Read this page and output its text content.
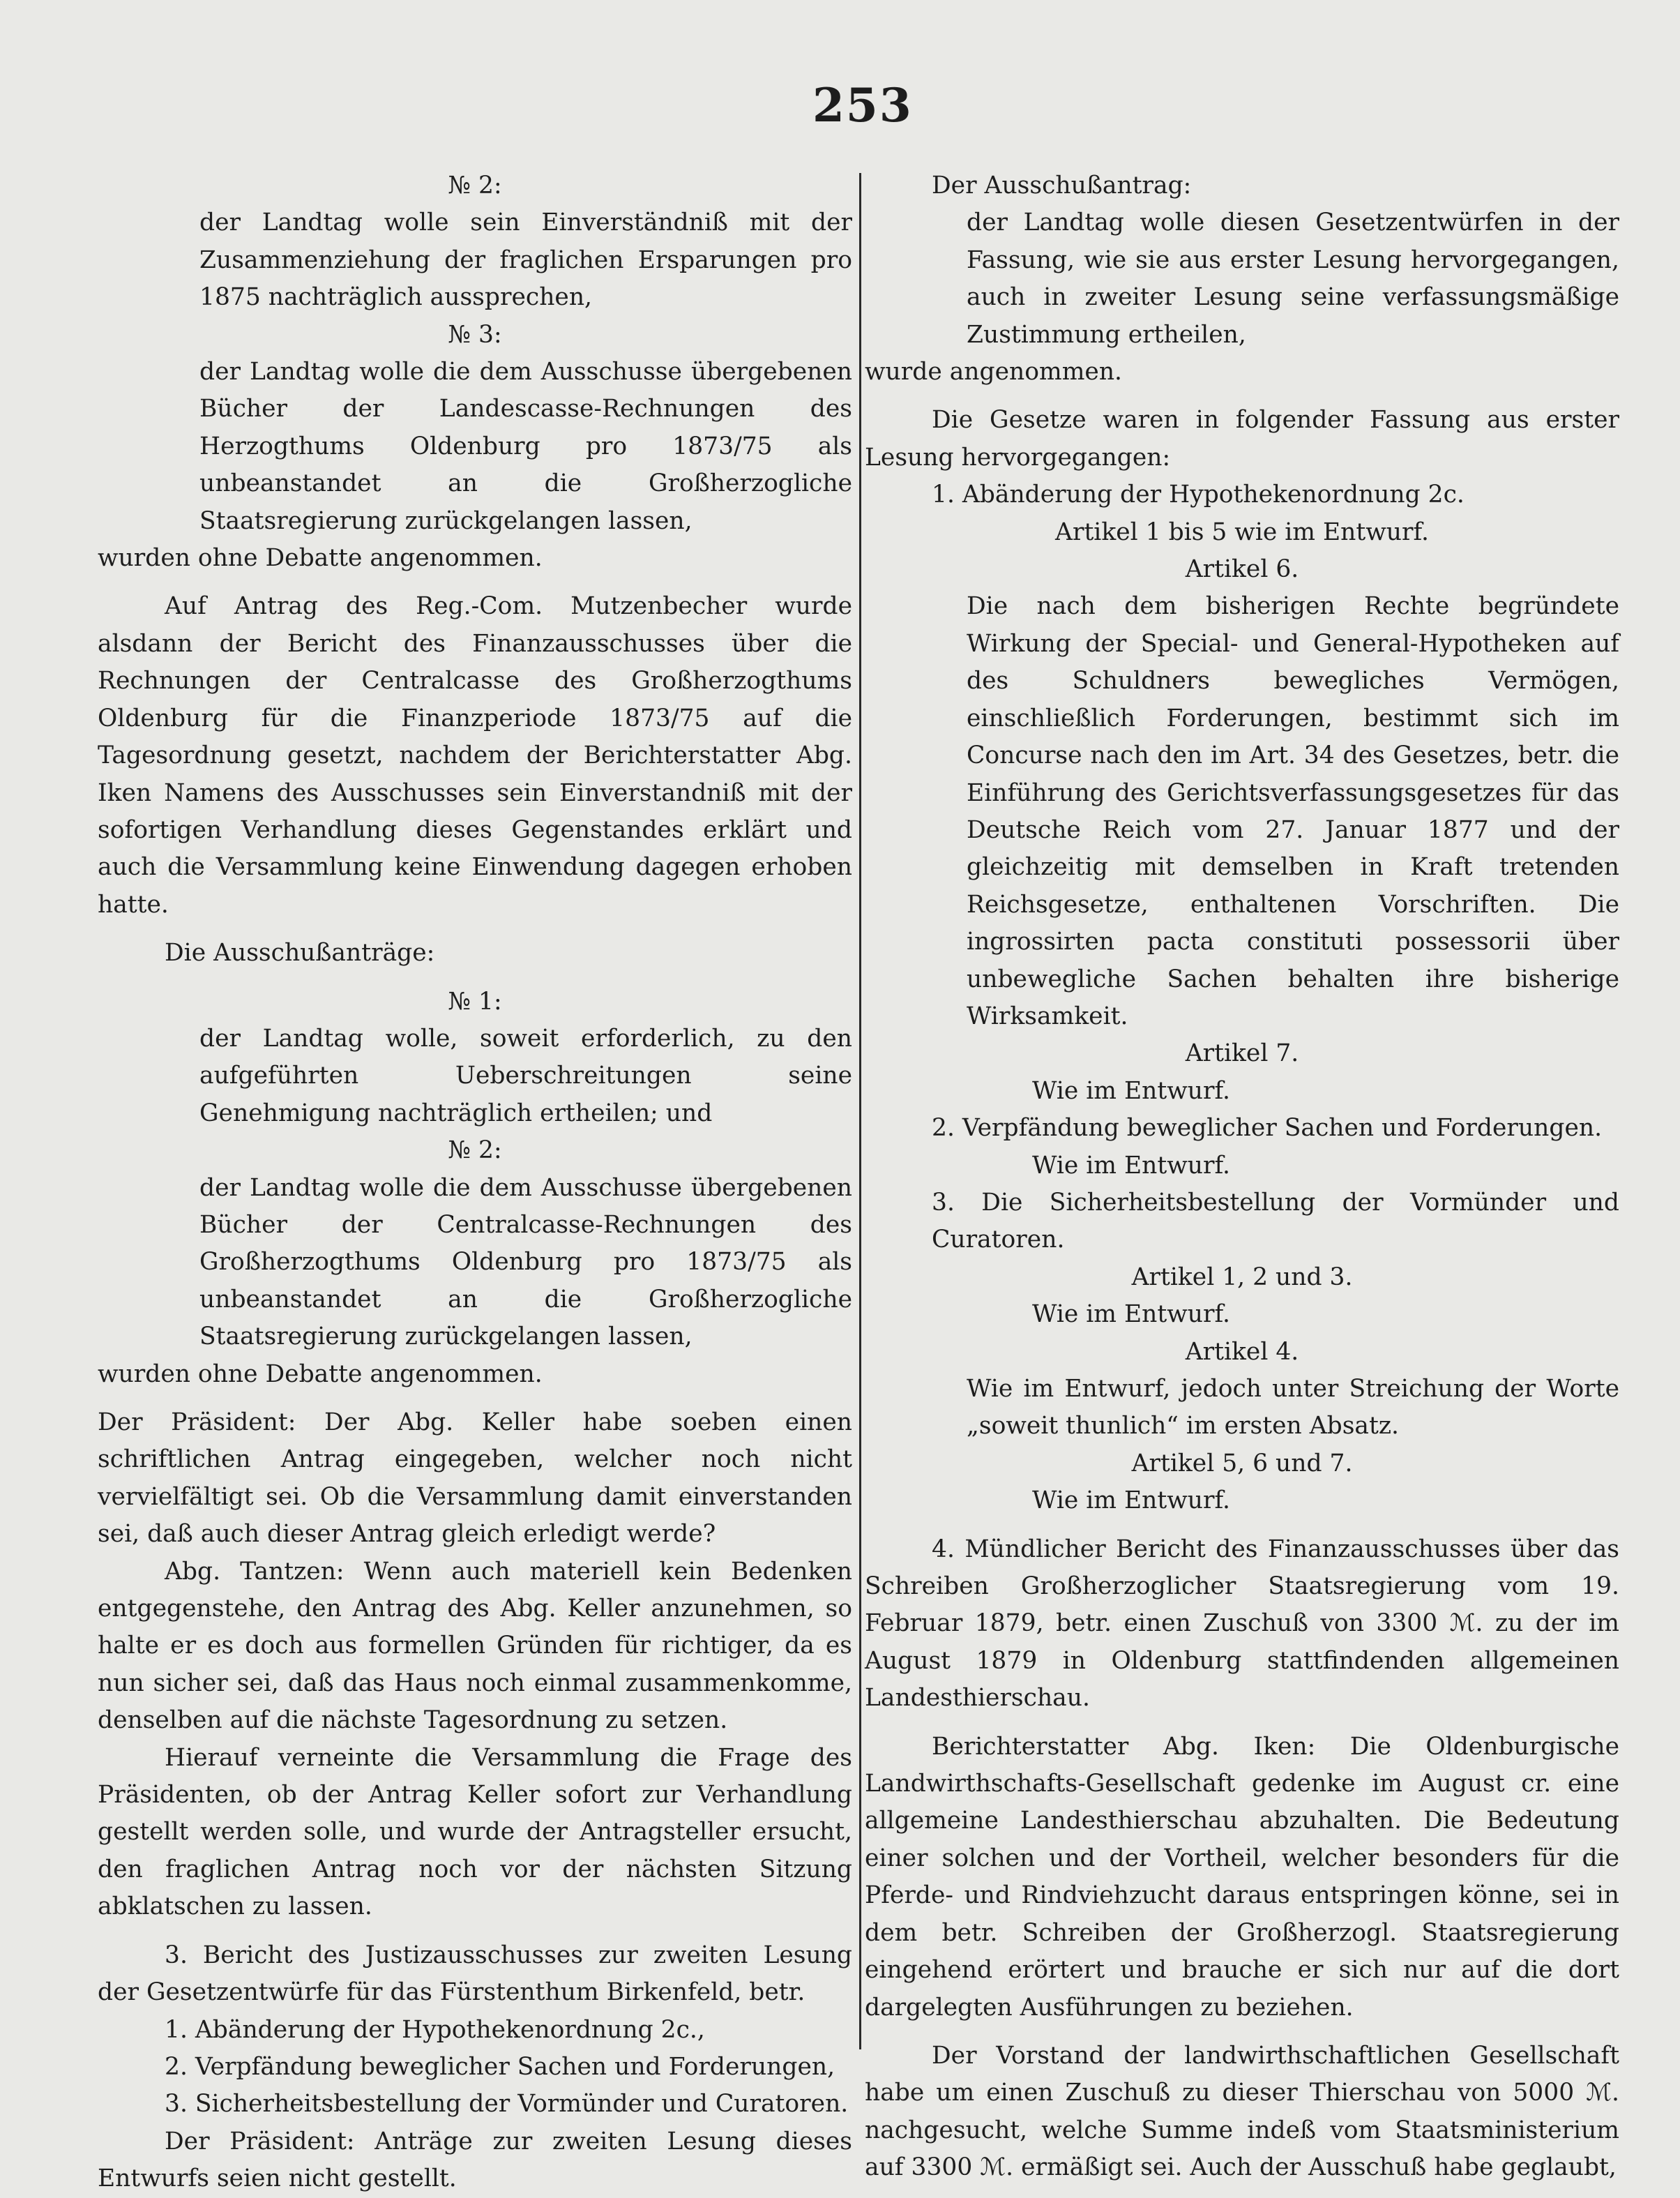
253

№ 2:

der Landtag wolle sein Einverständniß mit der Zusammenziehung der fraglichen Ersparungen pro 1875 nachträglich aussprechen,

№ 3:

der Landtag wolle die dem Ausschusse übergebenen Bücher der Landescasse-Rechnungen des Herzogthums Oldenburg pro 1873/75 als unbeanstandet an die Großherzogliche Staatsregierung zurückgelangen lassen,

wurden ohne Debatte angenommen.

Auf Antrag des Reg.-Com. Mutzenbecher wurde alsdann der Bericht des Finanzausschusses über die Rechnungen der Centralcasse des Großherzogthums Oldenburg für die Finanzperiode 1873/75 auf die Tagesordnung gesetzt, nachdem der Berichterstatter Abg. Iken Namens des Ausschusses sein Einverstandniß mit der sofortigen Verhandlung dieses Gegenstandes erklärt und auch die Versammlung keine Einwendung dagegen erhoben hatte.

Die Ausschußanträge:

№ 1:

der Landtag wolle, soweit erforderlich, zu den aufgeführten Ueberschreitungen seine Genehmigung nachträglich ertheilen; und

№ 2:

der Landtag wolle die dem Ausschusse übergebenen Bücher der Centralcasse-Rechnungen des Großherzogthums Oldenburg pro 1873/75 als unbeanstandet an die Großherzogliche Staatsregierung zurückgelangen lassen,

wurden ohne Debatte angenommen.

Der Präsident: Der Abg. Keller habe soeben einen schriftlichen Antrag eingegeben, welcher noch nicht vervielfältigt sei. Ob die Versammlung damit einverstanden sei, daß auch dieser Antrag gleich erledigt werde?

Abg. Tantzen: Wenn auch materiell kein Bedenken entgegenstehe, den Antrag des Abg. Keller anzunehmen, so halte er es doch aus formellen Gründen für richtiger, da es nun sicher sei, daß das Haus noch einmal zusammenkomme, denselben auf die nächste Tagesordnung zu setzen.

Hierauf verneinte die Versammlung die Frage des Präsidenten, ob der Antrag Keller sofort zur Verhandlung gestellt werden solle, und wurde der Antragsteller ersucht, den fraglichen Antrag noch vor der nächsten Sitzung abklatschen zu lassen.

3. Bericht des Justizausschusses zur zweiten Lesung der Gesetzentwürfe für das Fürstenthum Birkenfeld, betr.

1. Abänderung der Hypothekenordnung 2c.,

2. Verpfändung beweglicher Sachen und Forderungen,

3. Sicherheitsbestellung der Vormünder und Curatoren.

Der Präsident: Anträge zur zweiten Lesung dieses Entwurfs seien nicht gestellt.

Der Ausschußantrag:

der Landtag wolle diesen Gesetzentwürfen in der Fassung, wie sie aus erster Lesung hervorgegangen, auch in zweiter Lesung seine verfassungsmäßige Zustimmung ertheilen,

wurde angenommen.

Die Gesetze waren in folgender Fassung aus erster Lesung hervorgegangen:

1. Abänderung der Hypothekenordnung 2c.

Artikel 1 bis 5 wie im Entwurf.

Artikel 6.

Die nach dem bisherigen Rechte begründete Wirkung der Special- und General-Hypotheken auf des Schuldners bewegliches Vermögen, einschließlich Forderungen, bestimmt sich im Concurse nach den im Art. 34 des Gesetzes, betr. die Einführung des Gerichtsverfassungsgesetzes für das Deutsche Reich vom 27. Januar 1877 und der gleichzeitig mit demselben in Kraft tretenden Reichsgesetze, enthaltenen Vorschriften. Die ingrossirten pacta constituti possessorii über unbewegliche Sachen behalten ihre bisherige Wirksamkeit.

Artikel 7.

Wie im Entwurf.

2. Verpfändung beweglicher Sachen und Forderungen.

Wie im Entwurf.

3. Die Sicherheitsbestellung der Vormünder und Curatoren.

Artikel 1, 2 und 3.

Wie im Entwurf.

Artikel 4.

Wie im Entwurf, jedoch unter Streichung der Worte „soweit thunlich“ im ersten Absatz.

Artikel 5, 6 und 7.

Wie im Entwurf.

4. Mündlicher Bericht des Finanzausschusses über das Schreiben Großherzoglicher Staatsregierung vom 19. Februar 1879, betr. einen Zuschuß von 3300 ℳ. zu der im August 1879 in Oldenburg stattfindenden allgemeinen Landesthierschau.

Berichterstatter Abg. Iken: Die Oldenburgische Landwirthschafts-Gesellschaft gedenke im August cr. eine allgemeine Landesthierschau abzuhalten. Die Bedeutung einer solchen und der Vortheil, welcher besonders für die Pferde- und Rindviehzucht daraus entspringen könne, sei in dem betr. Schreiben der Großherzogl. Staatsregierung eingehend erörtert und brauche er sich nur auf die dort dargelegten Ausführungen zu beziehen.

Der Vorstand der landwirthschaftlichen Gesellschaft habe um einen Zuschuß zu dieser Thierschau von 5000 ℳ. nachgesucht, welche Summe indeß vom Staatsministerium auf 3300 ℳ. ermäßigt sei. Auch der Ausschuß habe geglaubt,
